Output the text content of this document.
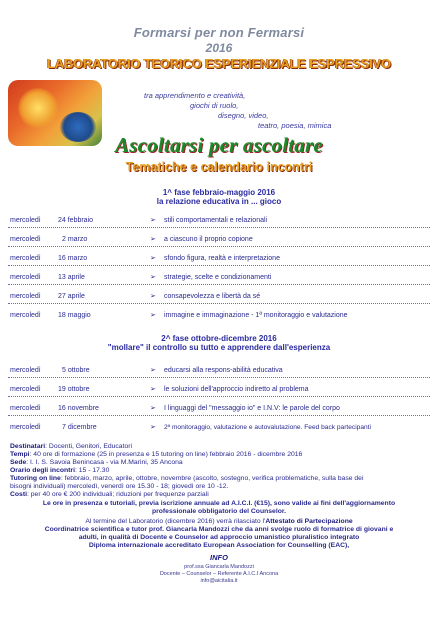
Formarsi per non Fermarsi
2016
LABORATORIO TEORICO ESPERIENZIALE ESPRESSIVO
tra apprendimento e creatività,
giochi di ruolo,
disegno, video,
teatro, poesia, mimica
Ascoltarsi per ascoltare
Tematiche e calendario incontri
1^ fase febbraio-maggio 2016
la relazione educativa in ... gioco
mercoledì 24 febbraio	➢ stili comportamentali e relazionali
mercoledì	2 marzo	➢ a ciascuno il proprio copione
mercoledì 16 marzo	➢ sfondo figura, realtà e interpretazione
mercoledì 13 aprile	➢ strategie, scelte e condizionamenti
mercoledì 27 aprile	➢ consapevolezza e libertà da sé
mercoledì 18 maggio	➢ immagine e immaginazione - 1ª monitoraggio e valutazione
2^ fase ottobre-dicembre 2016
"mollare" il controllo su tutto e apprendere dall'esperienza
mercoledì	5 ottobre	➢ educarsi alla respons-abilità educativa
mercoledì 19 ottobre	➢ le soluzioni dell'approccio indiretto al problema
mercoledì 16 novembre	➢ I linguaggi del "messaggio io" e I.N.V: le parole del corpo
mercoledì	7 dicembre	➢ 2ª monitoraggio, valutazione e autovalutazione. Feed back partecipanti
Destinatari: Docenti, Genitori, Educatori
Tempi: 40 ore di formazione (25 in presenza e 15 tutoring on line) febbraio 2016 - dicembre 2016
Sede: I. I. S. Savoia Benincasa - via M.Marini, 35 Ancona
Orario degli incontri: 15 - 17.30
Tutoring on line: febbraio, marzo, aprile, ottobre, novembre (ascolto, sostegno, verifica problematiche, sulla base dei
bisogni individuali) mercoledì, venerdì ore 15.30 - 18; giovedì ore 10 -12.
Costi: per 40 ore € 200 individuali; riduzioni per frequenze parziali
Le ore in presenza e tutoriali, previa iscrizione annuale ad A.I.C.I. (€15), sono valide ai fini dell'aggiornamento
professionale obbligatorio del Counselor.
Al termine del Laboratorio (dicembre 2016) verrà rilasciato l'Attestato di Partecipazione
Coordinatrice scientifica e tutor prof. Giancarla Mandozzi che da anni svolge ruolo di formatrice di giovani e
adulti, in qualità di Docente e Counselor ad approccio umanistico pluralistico integrato
Diploma internazionale accreditato European Association for Counselling (EAC),
INFO
prof.ssa Giancarla Mandozzi
Docente – Counselor – Referente A.I.C.I Ancona
info@aicitalia.it
